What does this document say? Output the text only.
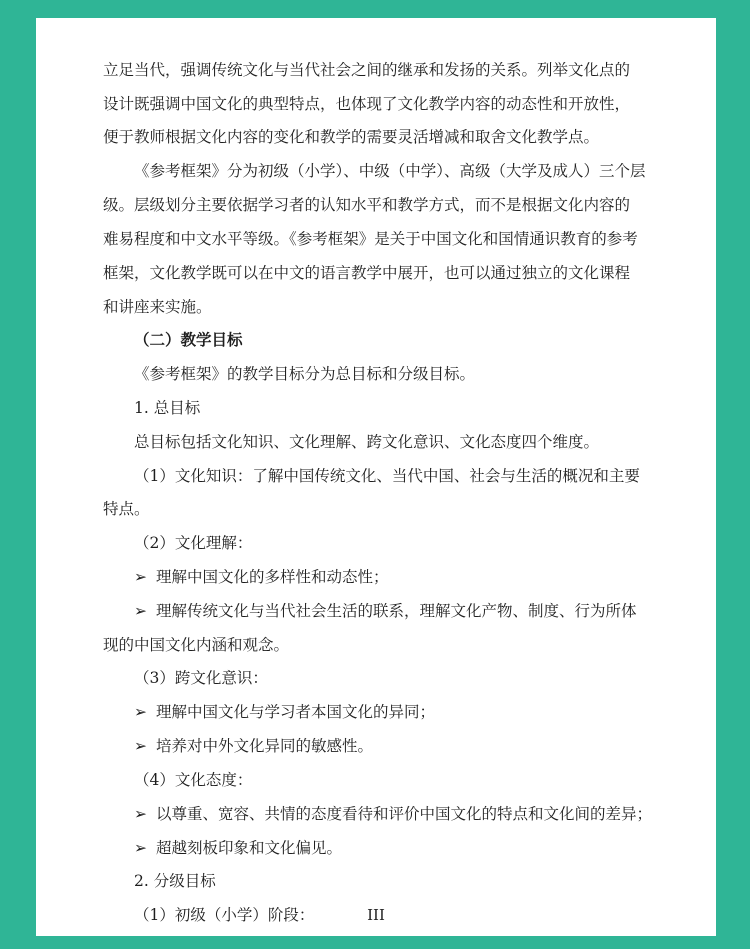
立足当代，强调传统文化与当代社会之间的继承和发扬的关系。列举文化点的
设计既强调中国文化的典型特点，也体现了文化教学内容的动态性和开放性，
便于教师根据文化内容的变化和教学的需要灵活增减和取舍文化教学点。
《参考框架》分为初级（小学）、中级（中学）、高级（大学及成人）三个层
级。层级划分主要依据学习者的认知水平和教学方式，而不是根据文化内容的
难易程度和中文水平等级。《参考框架》是关于中国文化和国情通识教育的参考
框架，文化教学既可以在中文的语言教学中展开，也可以通过独立的文化课程
和讲座来实施。
（二）教学目标
《参考框架》的教学目标分为总目标和分级目标。
1. 总目标
总目标包括文化知识、文化理解、跨文化意识、文化态度四个维度。
（1）文化知识：了解中国传统文化、当代中国、社会与生活的概况和主要
特点。
（2）文化理解：
➢ 理解中国文化的多样性和动态性；
➢ 理解传统文化与当代社会生活的联系，理解文化产物、制度、行为所体
现的中国文化内涵和观念。
（3）跨文化意识：
➢ 理解中国文化与学习者本国文化的异同；
➢ 培养对中外文化异同的敏感性。
（4）文化态度：
➢ 以尊重、宽容、共情的态度看待和评价中国文化的特点和文化间的差异；
➢ 超越刻板印象和文化偏见。
2. 分级目标
（1）初级（小学）阶段：	III
